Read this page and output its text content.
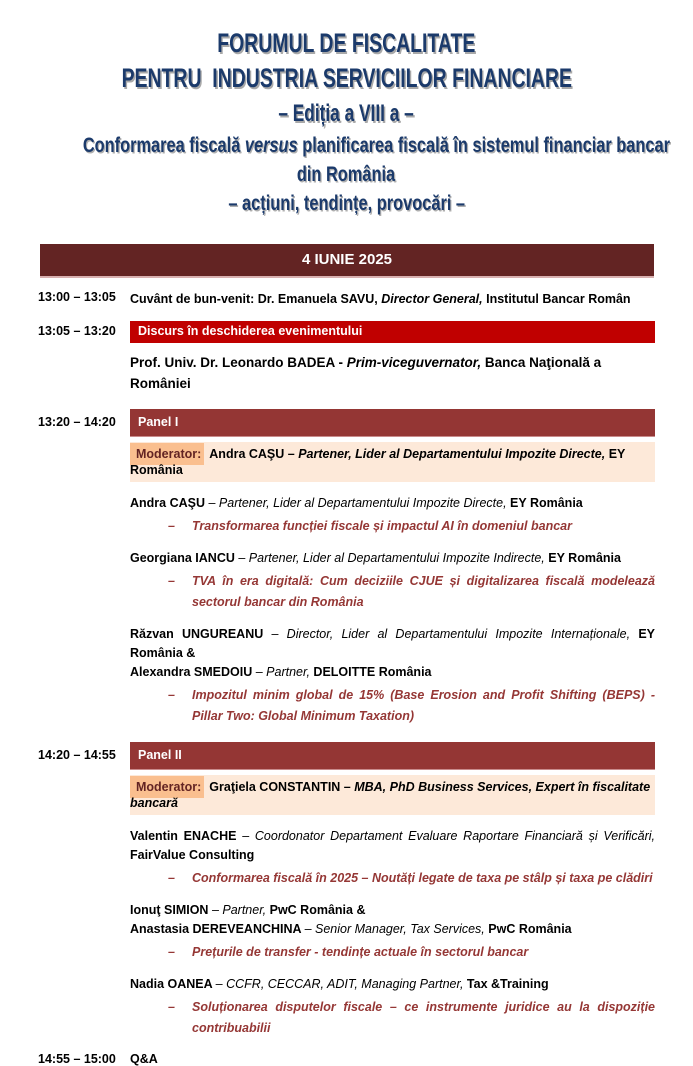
FORUMUL DE FISCALITATE
PENTRU  INDUSTRIA SERVICIILOR FINANCIARE
– Ediția a VIII a –
Conformarea fiscală versus planificarea fiscală în sistemul financiar bancar
din România
– acțiuni, tendințe, provocări –
4 IUNIE 2025
13:00 – 13:05	Cuvânt de bun-venit: Dr. Emanuela SAVU, Director General, Institutul Bancar Român

13:05 – 13:20	Discurs în deschiderea evenimentului

Prof. Univ. Dr. Leonardo BADEA - Prim-viceguvernator, Banca Naţională a României

13:20 – 14:20	Panel I
Moderator: Andra CAŞU – Partener, Lider al Departamentului Impozite Directe, EY România

Andra CAŞU – Partener, Lider al Departamentului Impozite Directe, EY România

–	Transformarea funcției fiscale și impactul AI în domeniul bancar

Georgiana IANCU – Partener, Lider al Departamentului Impozite Indirecte, EY România

–	TVA în era digitală: Cum deciziile CJUE și digitalizarea fiscală modelează sectorul bancar din România

Răzvan UNGUREANU – Director, Lider al Departamentului Impozite Internaționale, EY România &

Alexandra SMEDOIU – Partner, DELOITTE România

–	Impozitul minim global de 15% (Base Erosion and Profit Shifting (BEPS) - Pillar Two: Global Minimum Taxation)

14:20 – 14:55	Panel II
Moderator: Graţiela CONSTANTIN – MBA, PhD Business Services, Expert în fiscalitate bancară

Valentin ENACHE – Coordonator Departament Evaluare Raportare Financiară și Verificări, FairValue Consulting

–	Conformarea fiscală în 2025 – Noutăți legate de taxa pe stâlp și taxa pe clădiri

Ionuţ SIMION – Partner, PwC România &

Anastasia DEREVEANCHINA – Senior Manager, Tax Services, PwC România

–	Prețurile de transfer - tendințe actuale în sectorul bancar

Nadia OANEA – CCFR, CECCAR, ADIT, Managing Partner, Tax &Training

–	Soluționarea disputelor fiscale – ce instrumente juridice au la dispoziție contribuabilii

14:55 – 15:00	Q&A
